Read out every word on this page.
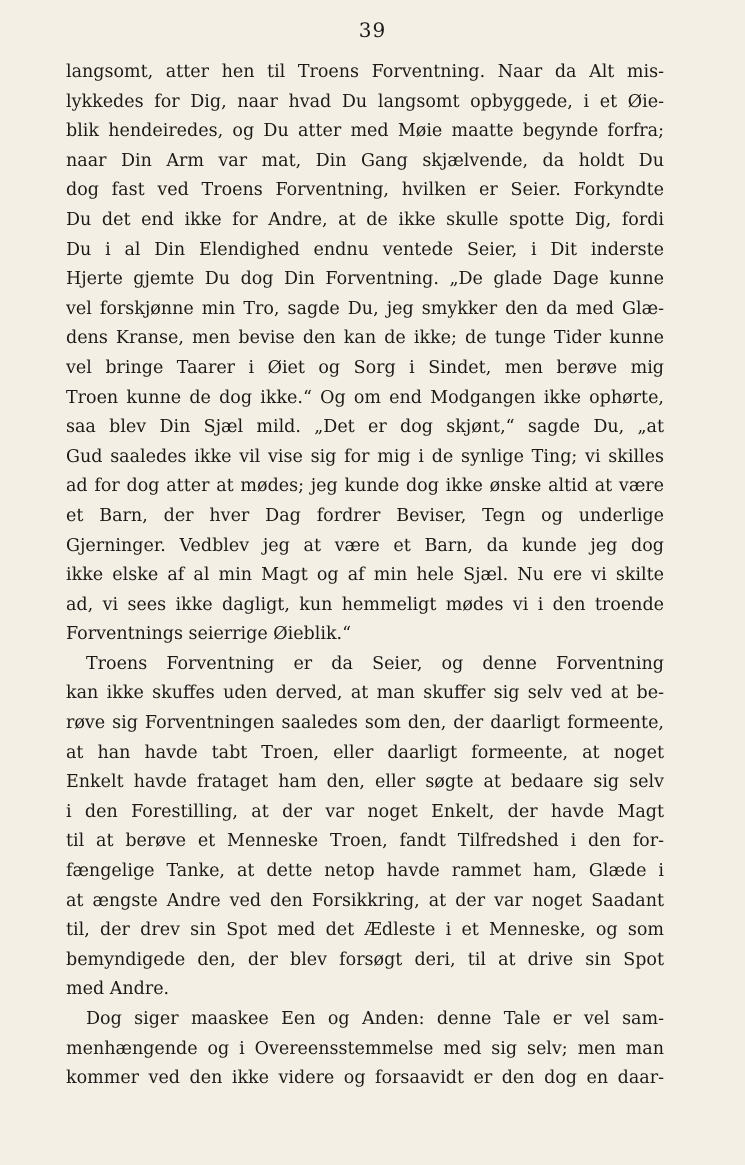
39
langsomt, atter hen til Troens Forventning. Naar da Alt mis-
lykkedes for Dig, naar hvad Du langsomt opbyggede, i et Øie-
blik hendeiredes, og Du atter med Møie maatte begynde forfra;
naar Din Arm var mat, Din Gang skjælvende, da holdt Du
dog fast ved Troens Forventning, hvilken er Seier. Forkyndte
Du det end ikke for Andre, at de ikke skulle spotte Dig, fordi
Du i al Din Elendighed endnu ventede Seier, i Dit inderste
Hjerte gjemte Du dog Din Forventning. „De glade Dage kunne
vel forskjønne min Tro, sagde Du, jeg smykker den da med Glæ-
dens Kranse, men bevise den kan de ikke; de tunge Tider kunne
vel bringe Taarer i Øiet og Sorg i Sindet, men berøve mig
Troen kunne de dog ikke.“ Og om end Modgangen ikke ophørte,
saa blev Din Sjæl mild. „Det er dog skjønt,“ sagde Du, „at
Gud saaledes ikke vil vise sig for mig i de synlige Ting; vi skilles
ad for dog atter at mødes; jeg kunde dog ikke ønske altid at være
et Barn, der hver Dag fordrer Beviser, Tegn og underlige
Gjerninger. Vedblev jeg at være et Barn, da kunde jeg dog
ikke elske af al min Magt og af min hele Sjæl. Nu ere vi skilte
ad, vi sees ikke dagligt, kun hemmeligt mødes vi i den troende
Forventnings seierrige Øieblik.“
Troens Forventning er da Seier, og denne Forventning
kan ikke skuffes uden derved, at man skuffer sig selv ved at be-
røve sig Forventningen saaledes som den, der daarligt formeente,
at han havde tabt Troen, eller daarligt formeente, at noget
Enkelt havde frataget ham den, eller søgte at bedaare sig selv
i den Forestilling, at der var noget Enkelt, der havde Magt
til at berøve et Menneske Troen, fandt Tilfredshed i den for-
fængelige Tanke, at dette netop havde rammet ham, Glæde i
at ængste Andre ved den Forsikkring, at der var noget Saadant
til, der drev sin Spot med det Ædleste i et Menneske, og som
bemyndigede den, der blev forsøgt deri, til at drive sin Spot
med Andre.
Dog siger maaskee Een og Anden: denne Tale er vel sam-
menhængende og i Overeensstemmelse med sig selv; men man
kommer ved den ikke videre og forsaavidt er den dog en daar-
